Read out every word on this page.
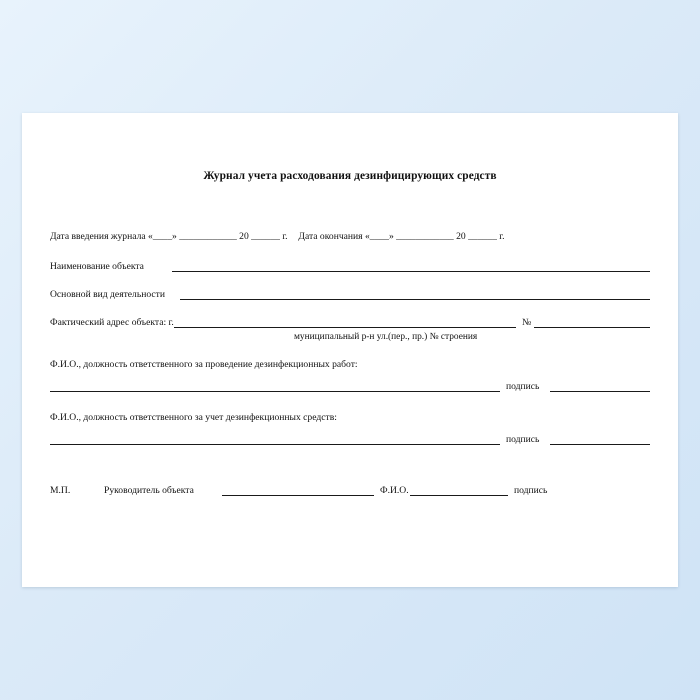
Журнал учета расходования дезинфицирующих средств
Дата введения журнала «____» ____________ 20 ______ г. Дата окончания «____» ____________ 20 ______ г.
Наименование объекта
Основной вид деятельности
Фактический адрес объекта: г.	№
муниципальный р-н ул.(пер., пр.) № строения
Ф.И.О., должность ответственного за проведение дезинфекционных работ:
подпись
Ф.И.О., должность ответственного за учет дезинфекционных средств:
подпись
М.П.	Руководитель объекта	Ф.И.О.	подпись
